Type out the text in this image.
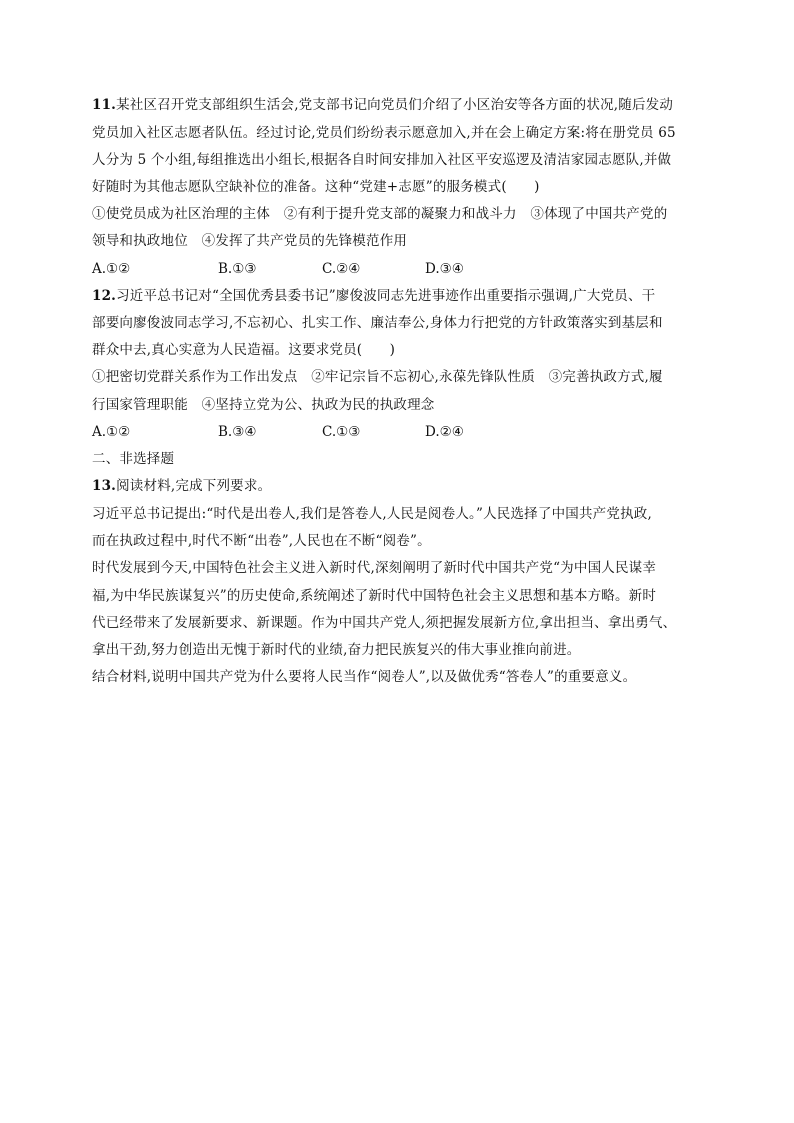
11.某社区召开党支部组织生活会,党支部书记向党员们介绍了小区治安等各方面的状况,随后发动
党员加入社区志愿者队伍。经过讨论,党员们纷纷表示愿意加入,并在会上确定方案:将在册党员 65
人分为 5 个小组,每组推选出小组长,根据各自时间安排加入社区平安巡逻及清洁家园志愿队,并做
好随时为其他志愿队空缺补位的准备。这种“党建+志愿”的服务模式(　　)
①使党员成为社区治理的主体　②有利于提升党支部的凝聚力和战斗力　③体现了中国共产党的
领导和执政地位　④发挥了共产党员的先锋模范作用
A.①②	B.①③	C.②④	D.③④
12.习近平总书记对“全国优秀县委书记”廖俊波同志先进事迹作出重要指示强调,广大党员、干
部要向廖俊波同志学习,不忘初心、扎实工作、廉洁奉公,身体力行把党的方针政策落实到基层和
群众中去,真心实意为人民造福。这要求党员(　　)
①把密切党群关系作为工作出发点　②牢记宗旨不忘初心,永葆先锋队性质　③完善执政方式,履
行国家管理职能　④坚持立党为公、执政为民的执政理念
A.①②	B.③④	C.①③	D.②④
二、非选择题
13.阅读材料,完成下列要求。
习近平总书记提出:“时代是出卷人,我们是答卷人,人民是阅卷人。”人民选择了中国共产党执政,
而在执政过程中,时代不断“出卷”,人民也在不断“阅卷”。
时代发展到今天,中国特色社会主义进入新时代,深刻阐明了新时代中国共产党“为中国人民谋幸
福,为中华民族谋复兴”的历史使命,系统阐述了新时代中国特色社会主义思想和基本方略。新时
代已经带来了发展新要求、新课题。作为中国共产党人,须把握发展新方位,拿出担当、拿出勇气、
拿出干劲,努力创造出无愧于新时代的业绩,奋力把民族复兴的伟大事业推向前进。
结合材料,说明中国共产党为什么要将人民当作“阅卷人”,以及做优秀“答卷人”的重要意义。
